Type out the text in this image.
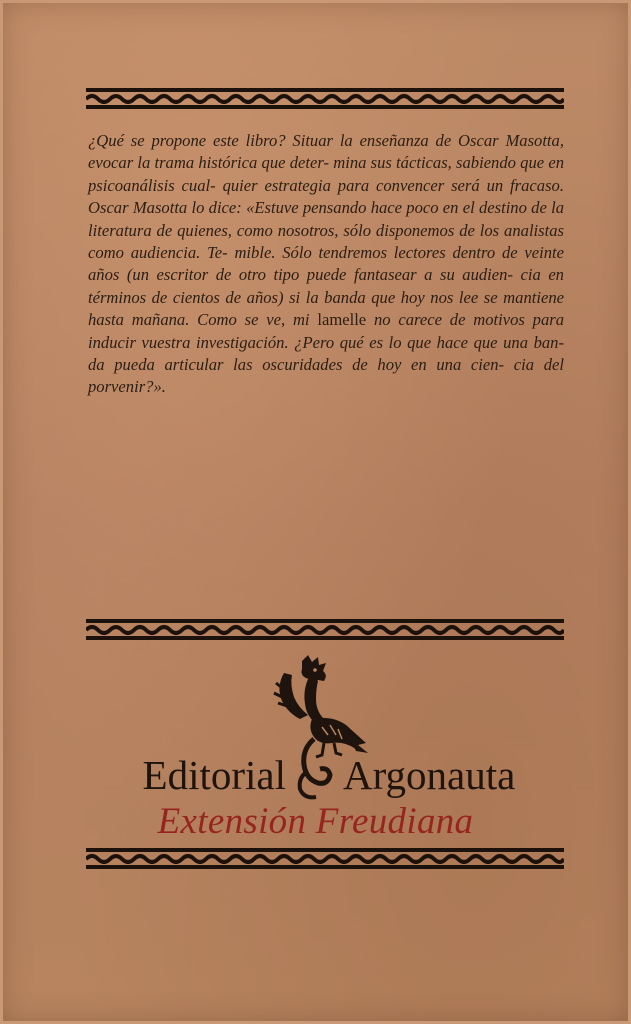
¿Qué se propone este libro? Situar la enseñanza de Oscar Masotta, evocar la trama histórica que deter- mina sus tácticas, sabiendo que en psicoanálisis cual- quier estrategia para convencer será un fracaso. Oscar Masotta lo dice: «Estuve pensando hace poco en el destino de la literatura de quienes, como nosotros, sólo disponemos de los analistas como audiencia. Te- mible. Sólo tendremos lectores dentro de veinte años (un escritor de otro tipo puede fantasear a su audien- cia en términos de cientos de años) si la banda que hoy nos lee se mantiene hasta mañana. Como se ve, mi lamelle no carece de motivos para inducir vuestra investigación. ¿Pero qué es lo que hace que una ban- da pueda articular las oscuridades de hoy en una cien- cia del porvenir?».

Editorial Argonauta

Extensión Freudiana
